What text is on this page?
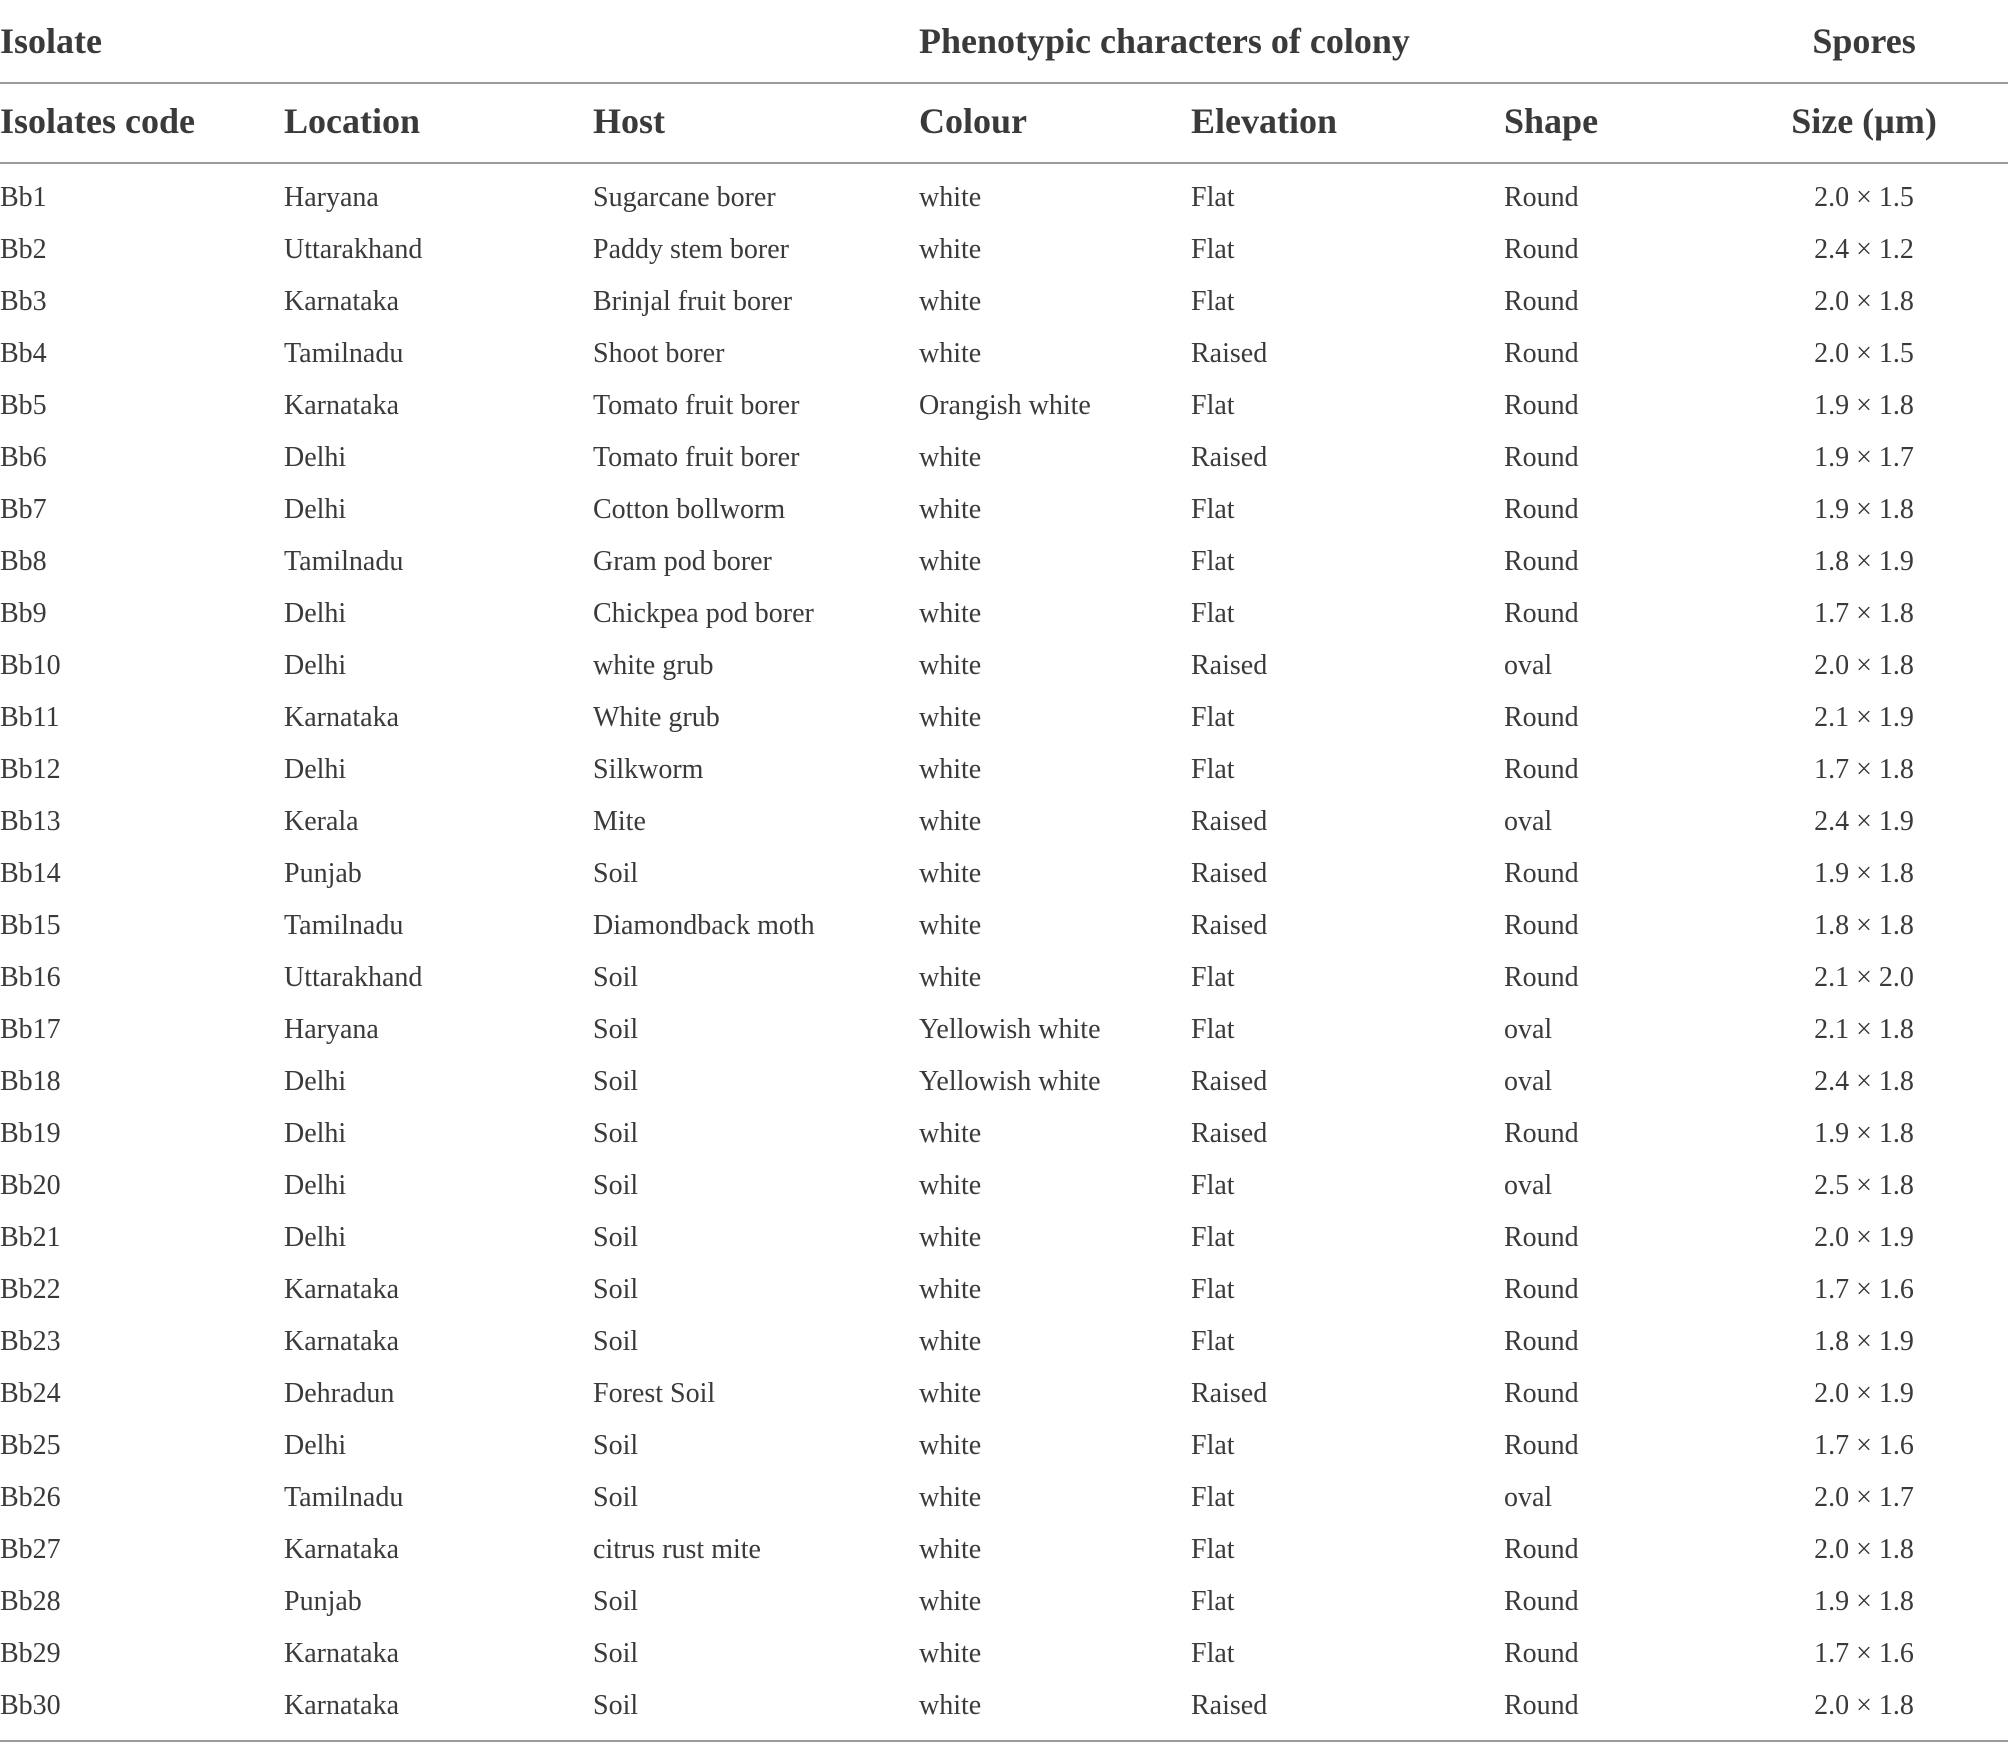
Isolate			Phenotypic characters of colony			Spores
Isolates code	Location	Host	Colour	Elevation	Shape	Size (µm)
Bb1	Haryana	Sugarcane borer	white	Flat	Round	2.0 × 1.5
Bb2	Uttarakhand	Paddy stem borer	white	Flat	Round	2.4 × 1.2
Bb3	Karnataka	Brinjal fruit borer	white	Flat	Round	2.0 × 1.8
Bb4	Tamilnadu	Shoot borer	white	Raised	Round	2.0 × 1.5
Bb5	Karnataka	Tomato fruit borer	Orangish white	Flat	Round	1.9 × 1.8
Bb6	Delhi	Tomato fruit borer	white	Raised	Round	1.9 × 1.7
Bb7	Delhi	Cotton bollworm	white	Flat	Round	1.9 × 1.8
Bb8	Tamilnadu	Gram pod borer	white	Flat	Round	1.8 × 1.9
Bb9	Delhi	Chickpea pod borer	white	Flat	Round	1.7 × 1.8
Bb10	Delhi	white grub	white	Raised	oval	2.0 × 1.8
Bb11	Karnataka	White grub	white	Flat	Round	2.1 × 1.9
Bb12	Delhi	Silkworm	white	Flat	Round	1.7 × 1.8
Bb13	Kerala	Mite	white	Raised	oval	2.4 × 1.9
Bb14	Punjab	Soil	white	Raised	Round	1.9 × 1.8
Bb15	Tamilnadu	Diamondback moth	white	Raised	Round	1.8 × 1.8
Bb16	Uttarakhand	Soil	white	Flat	Round	2.1 × 2.0
Bb17	Haryana	Soil	Yellowish white	Flat	oval	2.1 × 1.8
Bb18	Delhi	Soil	Yellowish white	Raised	oval	2.4 × 1.8
Bb19	Delhi	Soil	white	Raised	Round	1.9 × 1.8
Bb20	Delhi	Soil	white	Flat	oval	2.5 × 1.8
Bb21	Delhi	Soil	white	Flat	Round	2.0 × 1.9
Bb22	Karnataka	Soil	white	Flat	Round	1.7 × 1.6
Bb23	Karnataka	Soil	white	Flat	Round	1.8 × 1.9
Bb24	Dehradun	Forest Soil	white	Raised	Round	2.0 × 1.9
Bb25	Delhi	Soil	white	Flat	Round	1.7 × 1.6
Bb26	Tamilnadu	Soil	white	Flat	oval	2.0 × 1.7
Bb27	Karnataka	citrus rust mite	white	Flat	Round	2.0 × 1.8
Bb28	Punjab	Soil	white	Flat	Round	1.9 × 1.8
Bb29	Karnataka	Soil	white	Flat	Round	1.7 × 1.6
Bb30	Karnataka	Soil	white	Raised	Round	2.0 × 1.8
